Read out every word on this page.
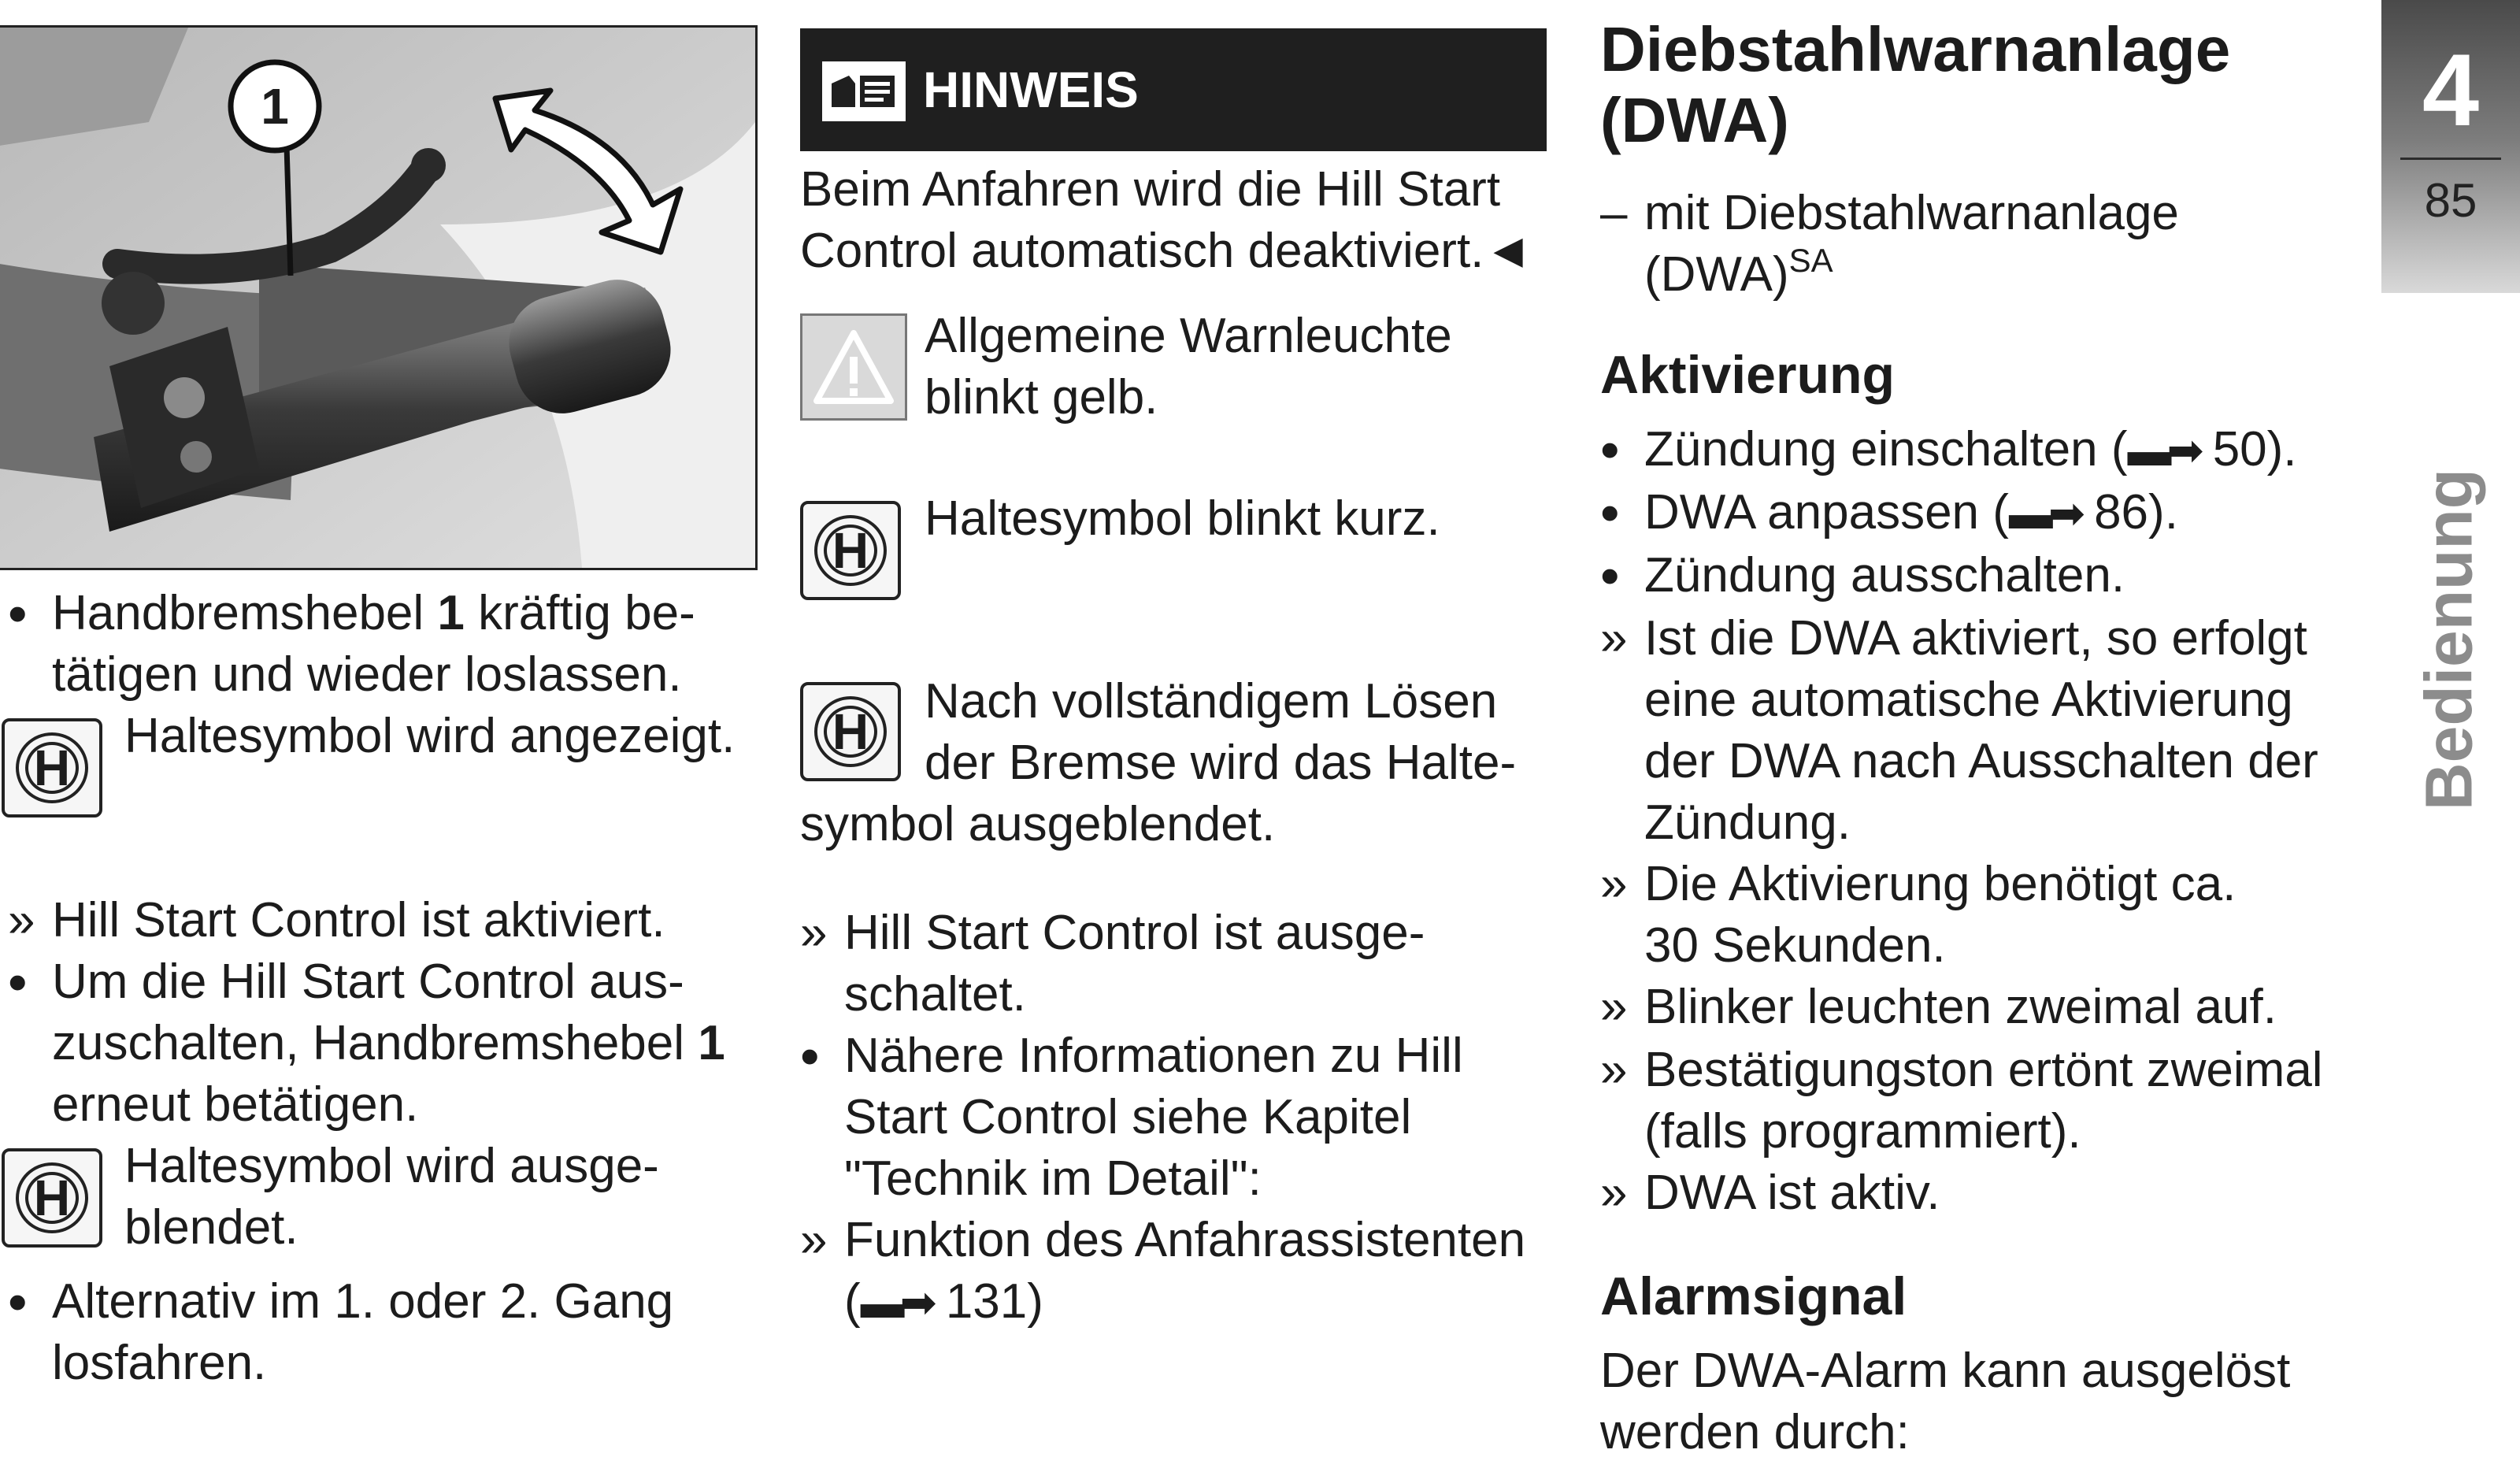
1
• Handbremshebel 1 kräftig be-
tätigen und wieder loslassen.
H
Haltesymbol wird angezeigt.
» Hill Start Control ist aktiviert.
• Um die Hill Start Control aus-
zuschalten, Handbremshebel 1
erneut betätigen.
H
Haltesymbol wird ausge-
blendet.
• Alternativ im 1. oder 2. Gang
losfahren.
HINWEIS
Beim Anfahren wird die Hill Start
Control automatisch deaktiviert.◄
Allgemeine Warnleuchte
blinkt gelb.
H
Haltesymbol blinkt kurz.
H
Nach vollständigem Lösen
der Bremse wird das Halte-
symbol ausgeblendet.
» Hill Start Control ist ausge-
schaltet.
• Nähere Informationen zu Hill
Start Control siehe Kapitel
"Technik im Detail":
» Funktion des Anfahrassistenten
(▬➡ 131)
Diebstahlwarnanlage
(DWA)
– mit Diebstahlwarnanlage
(DWA)$^{SA}$
Aktivierung
• Zündung einschalten (▬➡ 50).
• DWA anpassen (▬➡ 86).
• Zündung ausschalten.
» Ist die DWA aktiviert, so erfolgt
eine automatische Aktivierung
der DWA nach Ausschalten der
Zündung.
» Die Aktivierung benötigt ca.
30 Sekunden.
» Blinker leuchten zweimal auf.
» Bestätigungston ertönt zweimal
(falls programmiert).
» DWA ist aktiv.
Alarmsignal
Der DWA-Alarm kann ausgelöst
werden durch:
4
85
Bedienung
